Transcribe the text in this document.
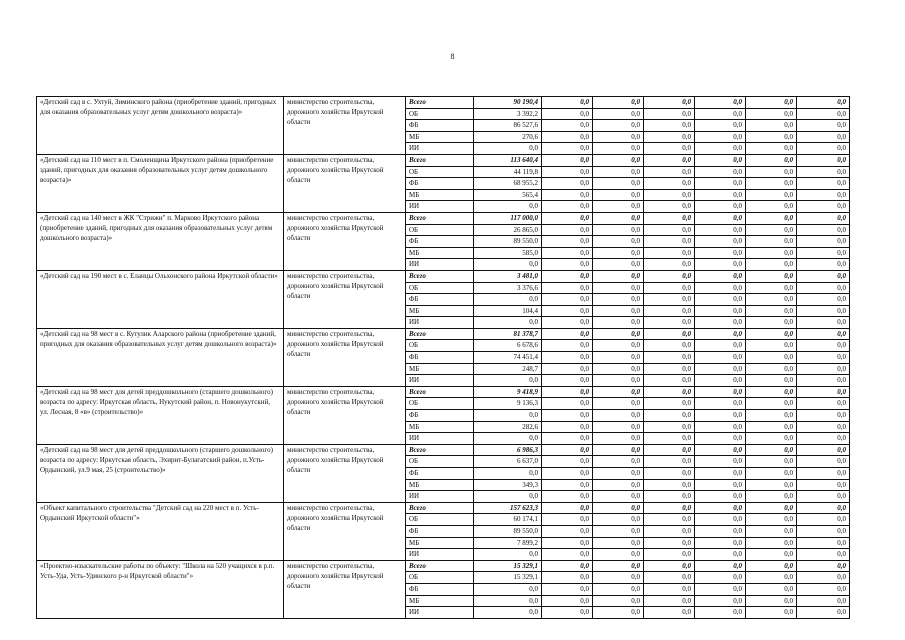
8
«Детский сад в с. Ухтуй, Зиминского района (приобретение зданий, пригодных для оказания образовательных услуг детям дошкольного возраста)»	министерство строительства, дорожного хозяйства Иркутской области	Всего	90 190,4	0,0	0,0	0,0	0,0	0,0	0,0
		ОБ	3 392,2	0,0	0,0	0,0	0,0	0,0	0,0
		ФБ	86 527,6	0,0	0,0	0,0	0,0	0,0	0,0
		МБ	270,6	0,0	0,0	0,0	0,0	0,0	0,0
		ИИ	0,0	0,0	0,0	0,0	0,0	0,0	0,0
«Детский сад на 110 мест в п. Смоленщина Иркутского района (приобретение зданий, пригодных для оказания образовательных услуг детям дошкольного возраста)»	министерство строительства, дорожного хозяйства Иркутской области	Всего	113 640,4	0,0	0,0	0,0	0,0	0,0	0,0
		ОБ	44 119,8	0,0	0,0	0,0	0,0	0,0	0,0
		ФБ	68 955,2	0,0	0,0	0,0	0,0	0,0	0,0
		МБ	565,4	0,0	0,0	0,0	0,0	0,0	0,0
		ИИ	0,0	0,0	0,0	0,0	0,0	0,0	0,0
«Детский сад на 140 мест в ЖК "Стрижи" п. Марково Иркутского района (приобретение зданий, пригодных для оказания образовательных услуг детям дошкольного возраста)»	министерство строительства, дорожного хозяйства Иркутской области	Всего	117 000,0	0,0	0,0	0,0	0,0	0,0	0,0
		ОБ	26 865,0	0,0	0,0	0,0	0,0	0,0	0,0
		ФБ	89 550,0	0,0	0,0	0,0	0,0	0,0	0,0
		МБ	585,0	0,0	0,0	0,0	0,0	0,0	0,0
		ИИ	0,0	0,0	0,0	0,0	0,0	0,0	0,0
«Детский сад на 190 мест в с. Еланцы Ольхонского района Иркутской области»	министерство строительства, дорожного хозяйства Иркутской области	Всего	3 481,0	0,0	0,0	0,0	0,0	0,0	0,0
		ОБ	3 376,6	0,0	0,0	0,0	0,0	0,0	0,0
		ФБ	0,0	0,0	0,0	0,0	0,0	0,0	0,0
		МБ	104,4	0,0	0,0	0,0	0,0	0,0	0,0
		ИИ	0,0	0,0	0,0	0,0	0,0	0,0	0,0
«Детский сад на 98 мест в с. Кутулик Аларского района (приобретение зданий, пригодных для оказания образовательных услуг детям дошкольного возраста)»	министерство строительства, дорожного хозяйства Иркутской области	Всего	81 378,7	0,0	0,0	0,0	0,0	0,0	0,0
		ОБ	6 678,6	0,0	0,0	0,0	0,0	0,0	0,0
		ФБ	74 451,4	0,0	0,0	0,0	0,0	0,0	0,0
		МБ	248,7	0,0	0,0	0,0	0,0	0,0	0,0
		ИИ	0,0	0,0	0,0	0,0	0,0	0,0	0,0
«Детский сад на 98 мест для детей преддошкольного (старшего дошкольного) возраста по адресу: Иркутская область, Нукутский район, п. Новонукутский, ул. Лесная, 8 «в» (строительство)»	министерство строительства, дорожного хозяйства Иркутской области	Всего	9 418,9	0,0	0,0	0,0	0,0	0,0	0,0
		ОБ	9 136,3	0,0	0,0	0,0	0,0	0,0	0,0
		ФБ	0,0	0,0	0,0	0,0	0,0	0,0	0,0
		МБ	282,6	0,0	0,0	0,0	0,0	0,0	0,0
		ИИ	0,0	0,0	0,0	0,0	0,0	0,0	0,0
«Детский сад на 98 мест для детей преддошкольного (старшего дошкольного) возраста по адресу: Иркутская область, Эхирит-Булагатский район, п.Усть-Ордынский, ул.9 мая, 25 (строительство)»	министерство строительства, дорожного хозяйства Иркутской области	Всего	6 986,3	0,0	0,0	0,0	0,0	0,0	0,0
		ОБ	6 637,0	0,0	0,0	0,0	0,0	0,0	0,0
		ФБ	0,0	0,0	0,0	0,0	0,0	0,0	0,0
		МБ	349,3	0,0	0,0	0,0	0,0	0,0	0,0
		ИИ	0,0	0,0	0,0	0,0	0,0	0,0	0,0
«Объект капитального строительства "Детский сад на 220 мест в п. Усть-Ордынский Иркутской области"»	министерство строительства, дорожного хозяйства Иркутской области	Всего	157 623,3	0,0	0,0	0,0	0,0	0,0	0,0
		ОБ	60 174,1	0,0	0,0	0,0	0,0	0,0	0,0
		ФБ	89 550,0	0,0	0,0	0,0	0,0	0,0	0,0
		МБ	7 899,2	0,0	0,0	0,0	0,0	0,0	0,0
		ИИ	0,0	0,0	0,0	0,0	0,0	0,0	0,0
«Проектно-изыскательские работы по объекту: "Школа на 520 учащихся в р.п. Усть-Уда, Усть-Удинского р-н Иркутской области"»	министерство строительства, дорожного хозяйства Иркутской области	Всего	15 329,1	0,0	0,0	0,0	0,0	0,0	0,0
		ОБ	15 329,1	0,0	0,0	0,0	0,0	0,0	0,0
		ФБ	0,0	0,0	0,0	0,0	0,0	0,0	0,0
		МБ	0,0	0,0	0,0	0,0	0,0	0,0	0,0
		ИИ	0,0	0,0	0,0	0,0	0,0	0,0	0,0
